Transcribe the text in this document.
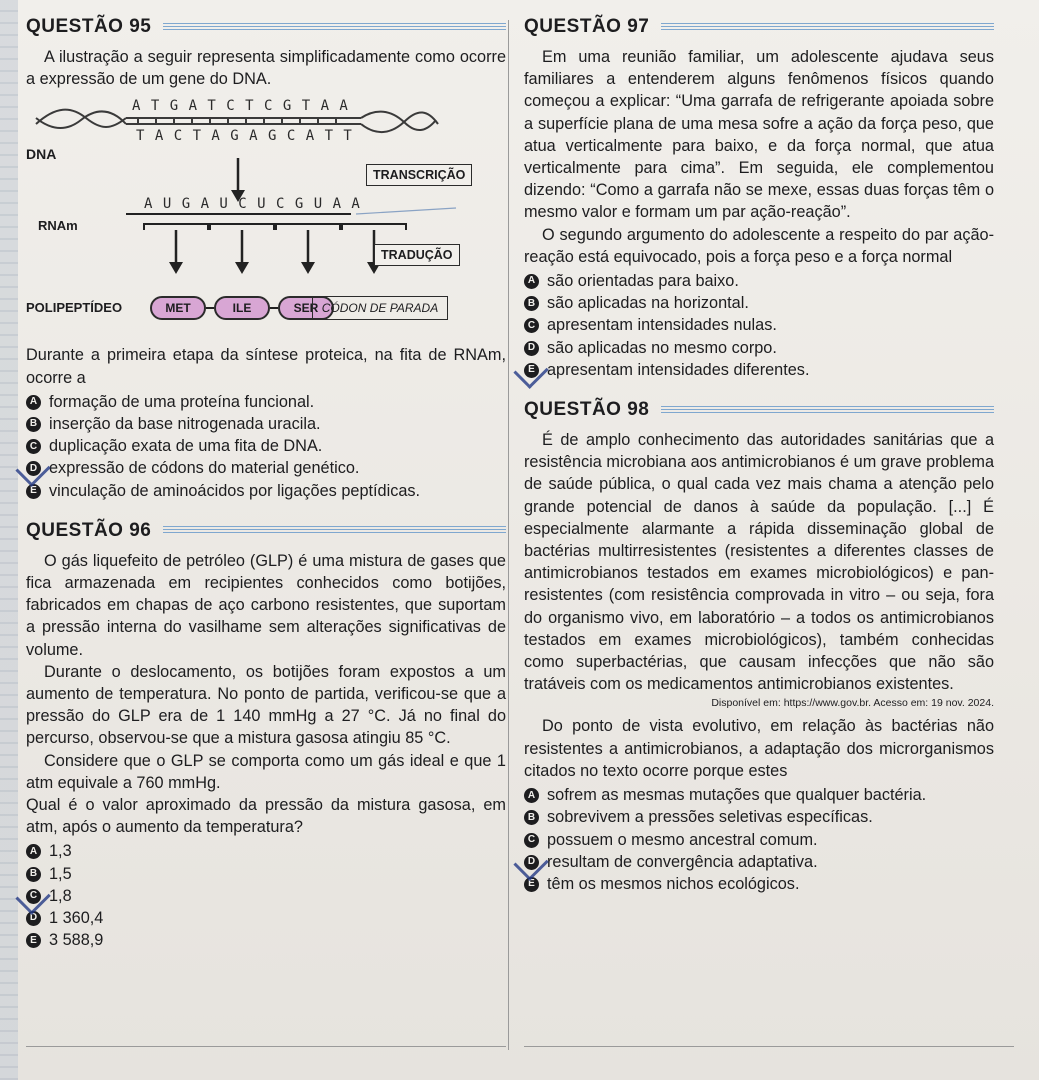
QUESTÃO 95

A ilustração a seguir representa simplificadamente como ocorre a expressão de um gene do DNA.

A T G A T C T C G T A A
T A C T A G A G C A T T
DNA
TRANSCRIÇÃO
RNAm
A U G A U C U C G U A A
TRADUÇÃO
POLIPEPTÍDEO	MET	ILE	SER CÓDON DE PARADA

Durante a primeira etapa da síntese proteica, na fita de RNAm, ocorre a

A formação de uma proteína funcional.
B inserção da base nitrogenada uracila.
C duplicação exata de uma fita de DNA.
D expressão de códons do material genético.
E vinculação de aminoácidos por ligações peptídicas.
QUESTÃO 96

O gás liquefeito de petróleo (GLP) é uma mistura de gases que fica armazenada em recipientes conhecidos como botijões, fabricados em chapas de aço carbono resistentes, que suportam a pressão interna do vasilhame sem alterações significativas de volume.

Durante o deslocamento, os botijões foram expostos a um aumento de temperatura. No ponto de partida, verificou-se que a pressão do GLP era de 1 140 mmHg a 27 °C. Já no final do percurso, observou-se que a mistura gasosa atingiu 85 °C.

Considere que o GLP se comporta como um gás ideal e que 1 atm equivale a 760 mmHg.

Qual é o valor aproximado da pressão da mistura gasosa, em atm, após o aumento da temperatura?

A 1,3
B 1,5
C 1,8
D 1 360,4
E 3 588,9
QUESTÃO 97

Em uma reunião familiar, um adolescente ajudava seus familiares a entenderem alguns fenômenos físicos quando começou a explicar: “Uma garrafa de refrigerante apoiada sobre a superfície plana de uma mesa sofre a ação da força peso, que atua verticalmente para baixo, e da força normal, que atua verticalmente para cima”. Em seguida, ele complementou dizendo: “Como a garrafa não se mexe, essas duas forças têm o mesmo valor e formam um par ação-reação”.

O segundo argumento do adolescente a respeito do par ação-reação está equivocado, pois a força peso e a força normal

A são orientadas para baixo.
B são aplicadas na horizontal.
C apresentam intensidades nulas.
D são aplicadas no mesmo corpo.
E apresentam intensidades diferentes.
QUESTÃO 98

É de amplo conhecimento das autoridades sanitárias que a resistência microbiana aos antimicrobianos é um grave problema de saúde pública, o qual cada vez mais chama a atenção pelo grande potencial de danos à saúde da população. [...] É especialmente alarmante a rápida disseminação global de bactérias multirresistentes (resistentes a diferentes classes de antimicrobianos testados em exames microbiológicos) e pan-resistentes (com resistência comprovada in vitro – ou seja, fora do organismo vivo, em laboratório – a todos os antimicrobianos testados em exames microbiológicos), também conhecidas como superbactérias, que causam infecções que não são tratáveis com os medicamentos antimicrobianos existentes.

Disponível em: https://www.gov.br. Acesso em: 19 nov. 2024.

Do ponto de vista evolutivo, em relação às bactérias não resistentes a antimicrobianos, a adaptação dos microrganismos citados no texto ocorre porque estes

A sofrem as mesmas mutações que qualquer bactéria.
B sobrevivem a pressões seletivas específicas.
C possuem o mesmo ancestral comum.
D resultam de convergência adaptativa.
E têm os mesmos nichos ecológicos.
